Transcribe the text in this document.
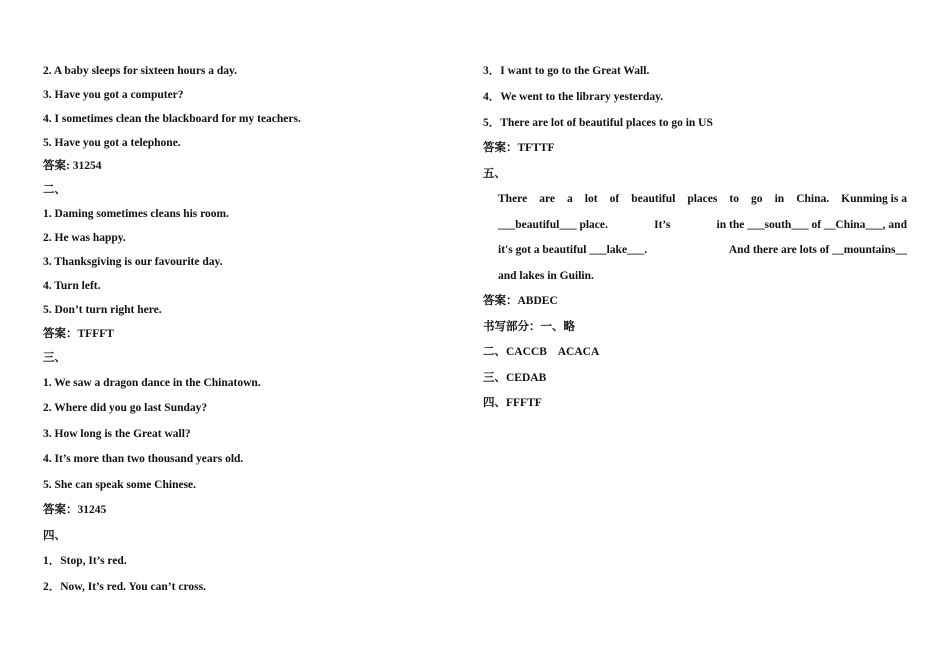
2. A baby sleeps for sixteen hours a day.
3. Have you got a computer?
4. I sometimes clean the blackboard for my teachers.
5. Have you got a telephone.
答案: 31254
二、
1. Daming sometimes cleans his room.
2. He was happy.
3. Thanksgiving is our favourite day.
4. Turn left.
5. Don’t turn right here.
答案：TFFFT
三、
1. We saw a dragon dance in the Chinatown.
2. Where did you go last Sunday?
3. How long is the Great wall?
4. It’s more than two thousand years old.
5. She can speak some Chinese.
答案：31245
四、
1．Stop, It’s red.
2．Now, It’s red. You can’t cross.
3．I want to go to the Great Wall.
4．We went to the library yesterday.
5．There are lot of beautiful places to go in US
答案：TFTTF
五、
There are a lot of beautiful places to go in China. Kunming is a
___beautiful___ place.	It’s	in the ___south___ of __China___, and
it's got a beautiful ___lake___.	And there are lots of __mountains__
and lakes in Guilin.
答案：ABDEC
书写部分：一、略
二、CACCB    ACACA
三、CEDAB
四、FFFTF
